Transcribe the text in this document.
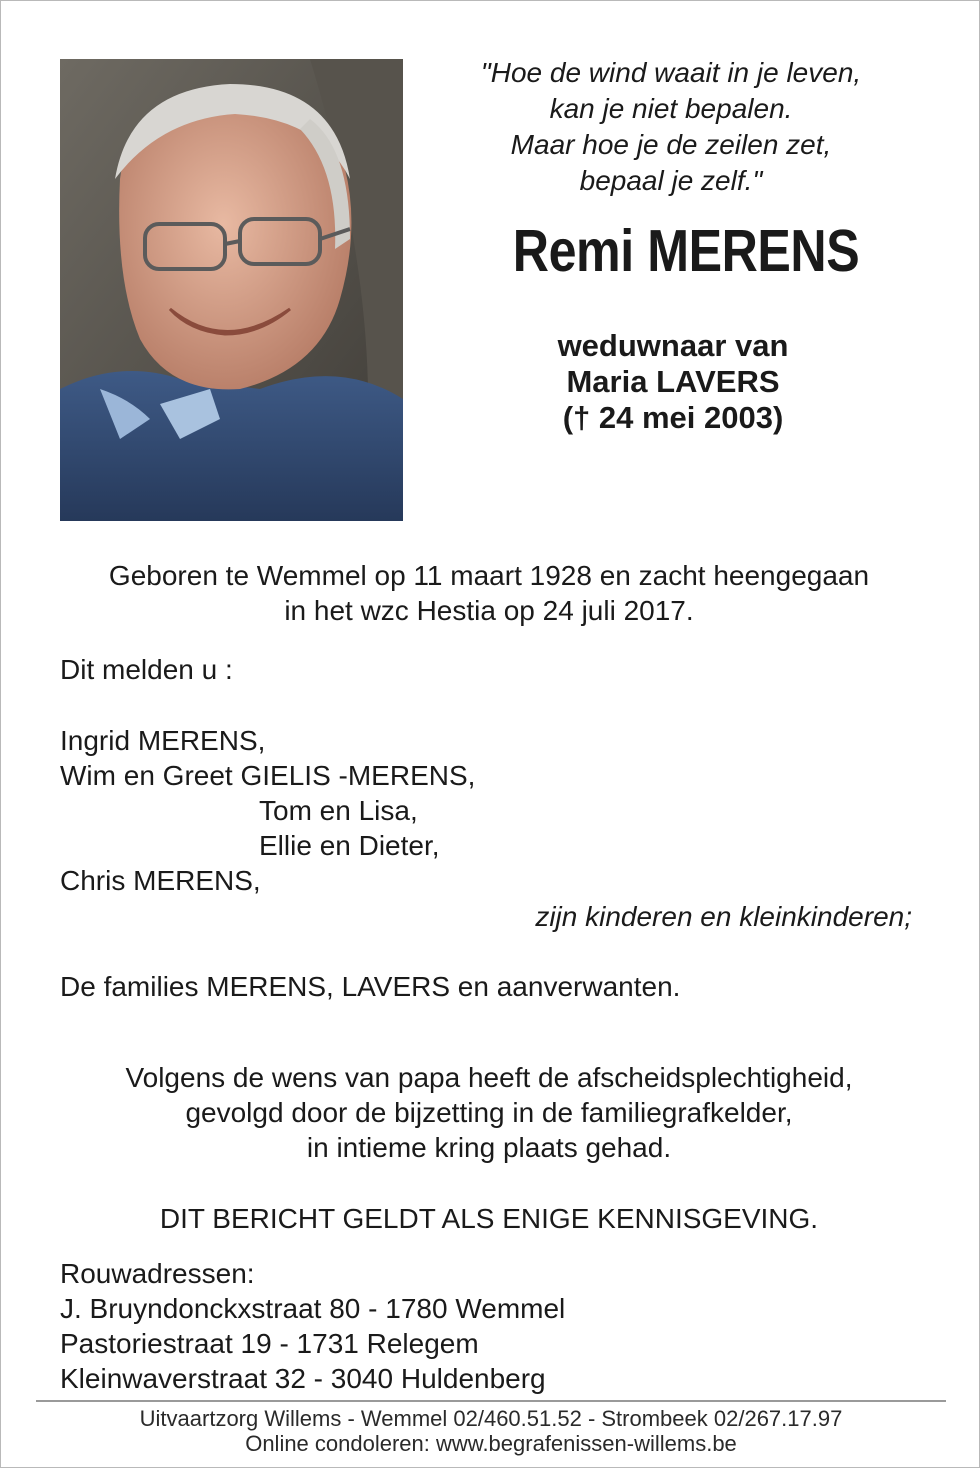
"Hoe de wind waait in je leven,
kan je niet bepalen.
Maar hoe je de zeilen zet,
bepaal je zelf."
Remi MERENS
weduwnaar van
Maria LAVERS
(† 24 mei 2003)
Geboren te Wemmel op 11 maart 1928 en zacht heengegaan
in het wzc Hestia op 24 juli 2017.
Dit melden u :
Ingrid MERENS,
Wim en Greet GIELIS -MERENS,
Tom en Lisa,
Ellie en Dieter,
Chris MERENS,
zijn kinderen en kleinkinderen;
De families MERENS, LAVERS en aanverwanten.
Volgens de wens van papa heeft de afscheidsplechtigheid,
gevolgd door de bijzetting in de familiegrafkelder,
in intieme kring plaats gehad.
DIT BERICHT GELDT ALS ENIGE KENNISGEVING.
Rouwadressen:
J. Bruyndonckxstraat 80 - 1780 Wemmel
Pastoriestraat 19 - 1731 Relegem
Kleinwaverstraat 32 - 3040 Huldenberg
Uitvaartzorg Willems - Wemmel 02/460.51.52 - Strombeek 02/267.17.97
Online condoleren: www.begrafenissen-willems.be
